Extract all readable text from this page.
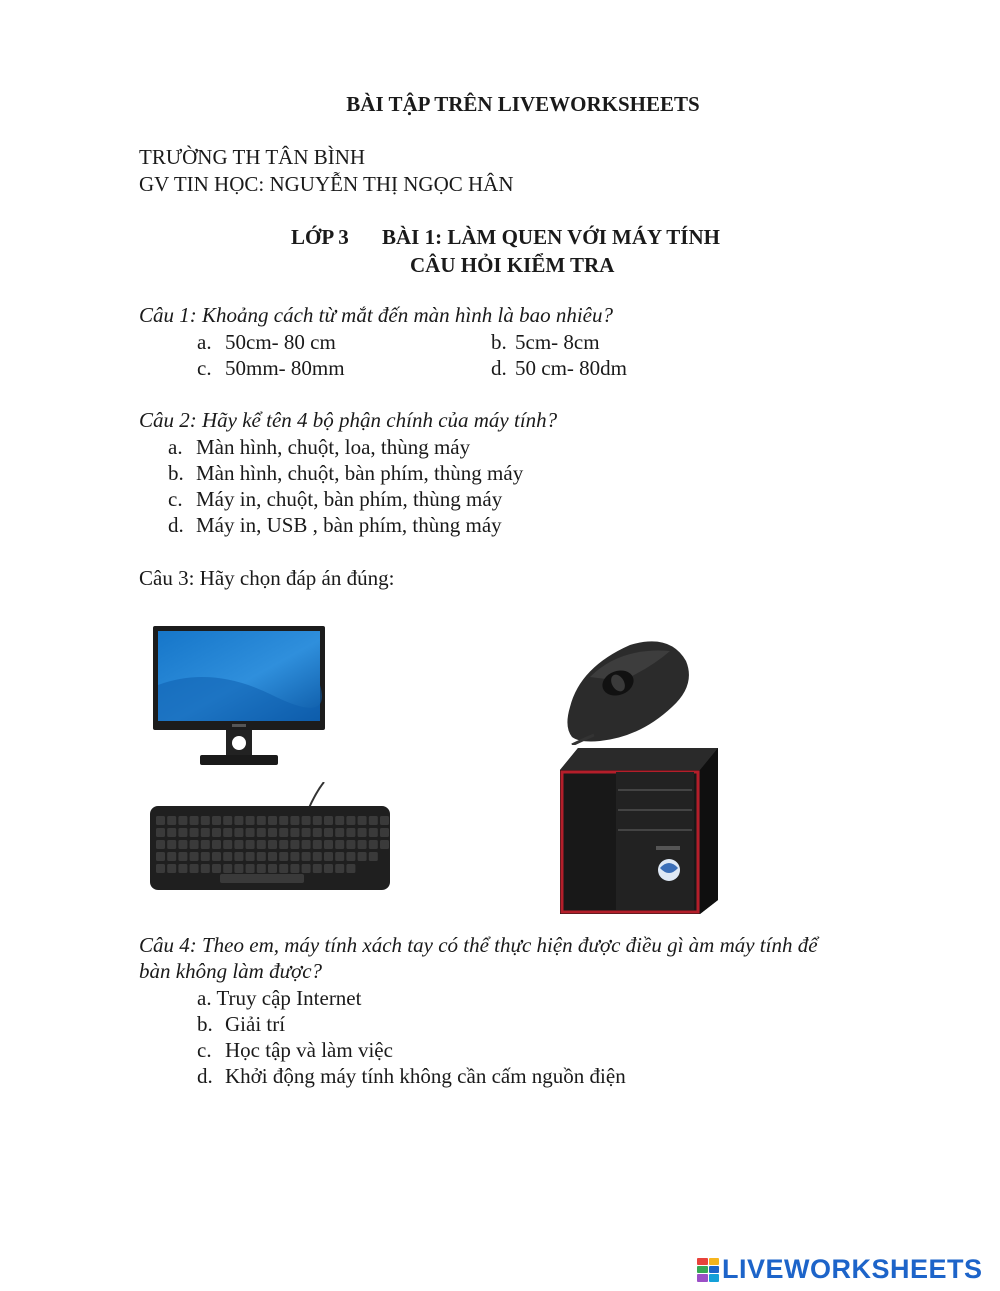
BÀI TẬP TRÊN LIVEWORKSHEETS
TRƯỜNG TH TÂN BÌNH
GV TIN HỌC: NGUYỄN THỊ NGỌC HÂN
LỚP 3 BÀI 1: LÀM QUEN VỚI MÁY TÍNH
CÂU HỎI KIỂM TRA
Câu 1: Khoảng cách từ mắt đến màn hình là bao nhiêu?
a. 50cm- 80 cm	b. 5cm- 8cm
c. 50mm- 80mm	d. 50 cm- 80dm
Câu 2: Hãy kể tên 4 bộ phận chính của máy tính?
a. Màn hình, chuột, loa, thùng máy
b. Màn hình, chuột, bàn phím, thùng máy
c. Máy in, chuột, bàn phím, thùng máy
d. Máy in, USB , bàn phím, thùng máy
Câu 3: Hãy chọn đáp án đúng:
Câu 4: Theo em, máy tính xách tay có thể thực hiện được điều gì àm máy tính để
bàn không làm được?
a. Truy cập Internet
b. Giải trí
c. Học tập và làm việc
d. Khởi động máy tính không cần cấm nguồn điện
LIVEWORKSHEETS
